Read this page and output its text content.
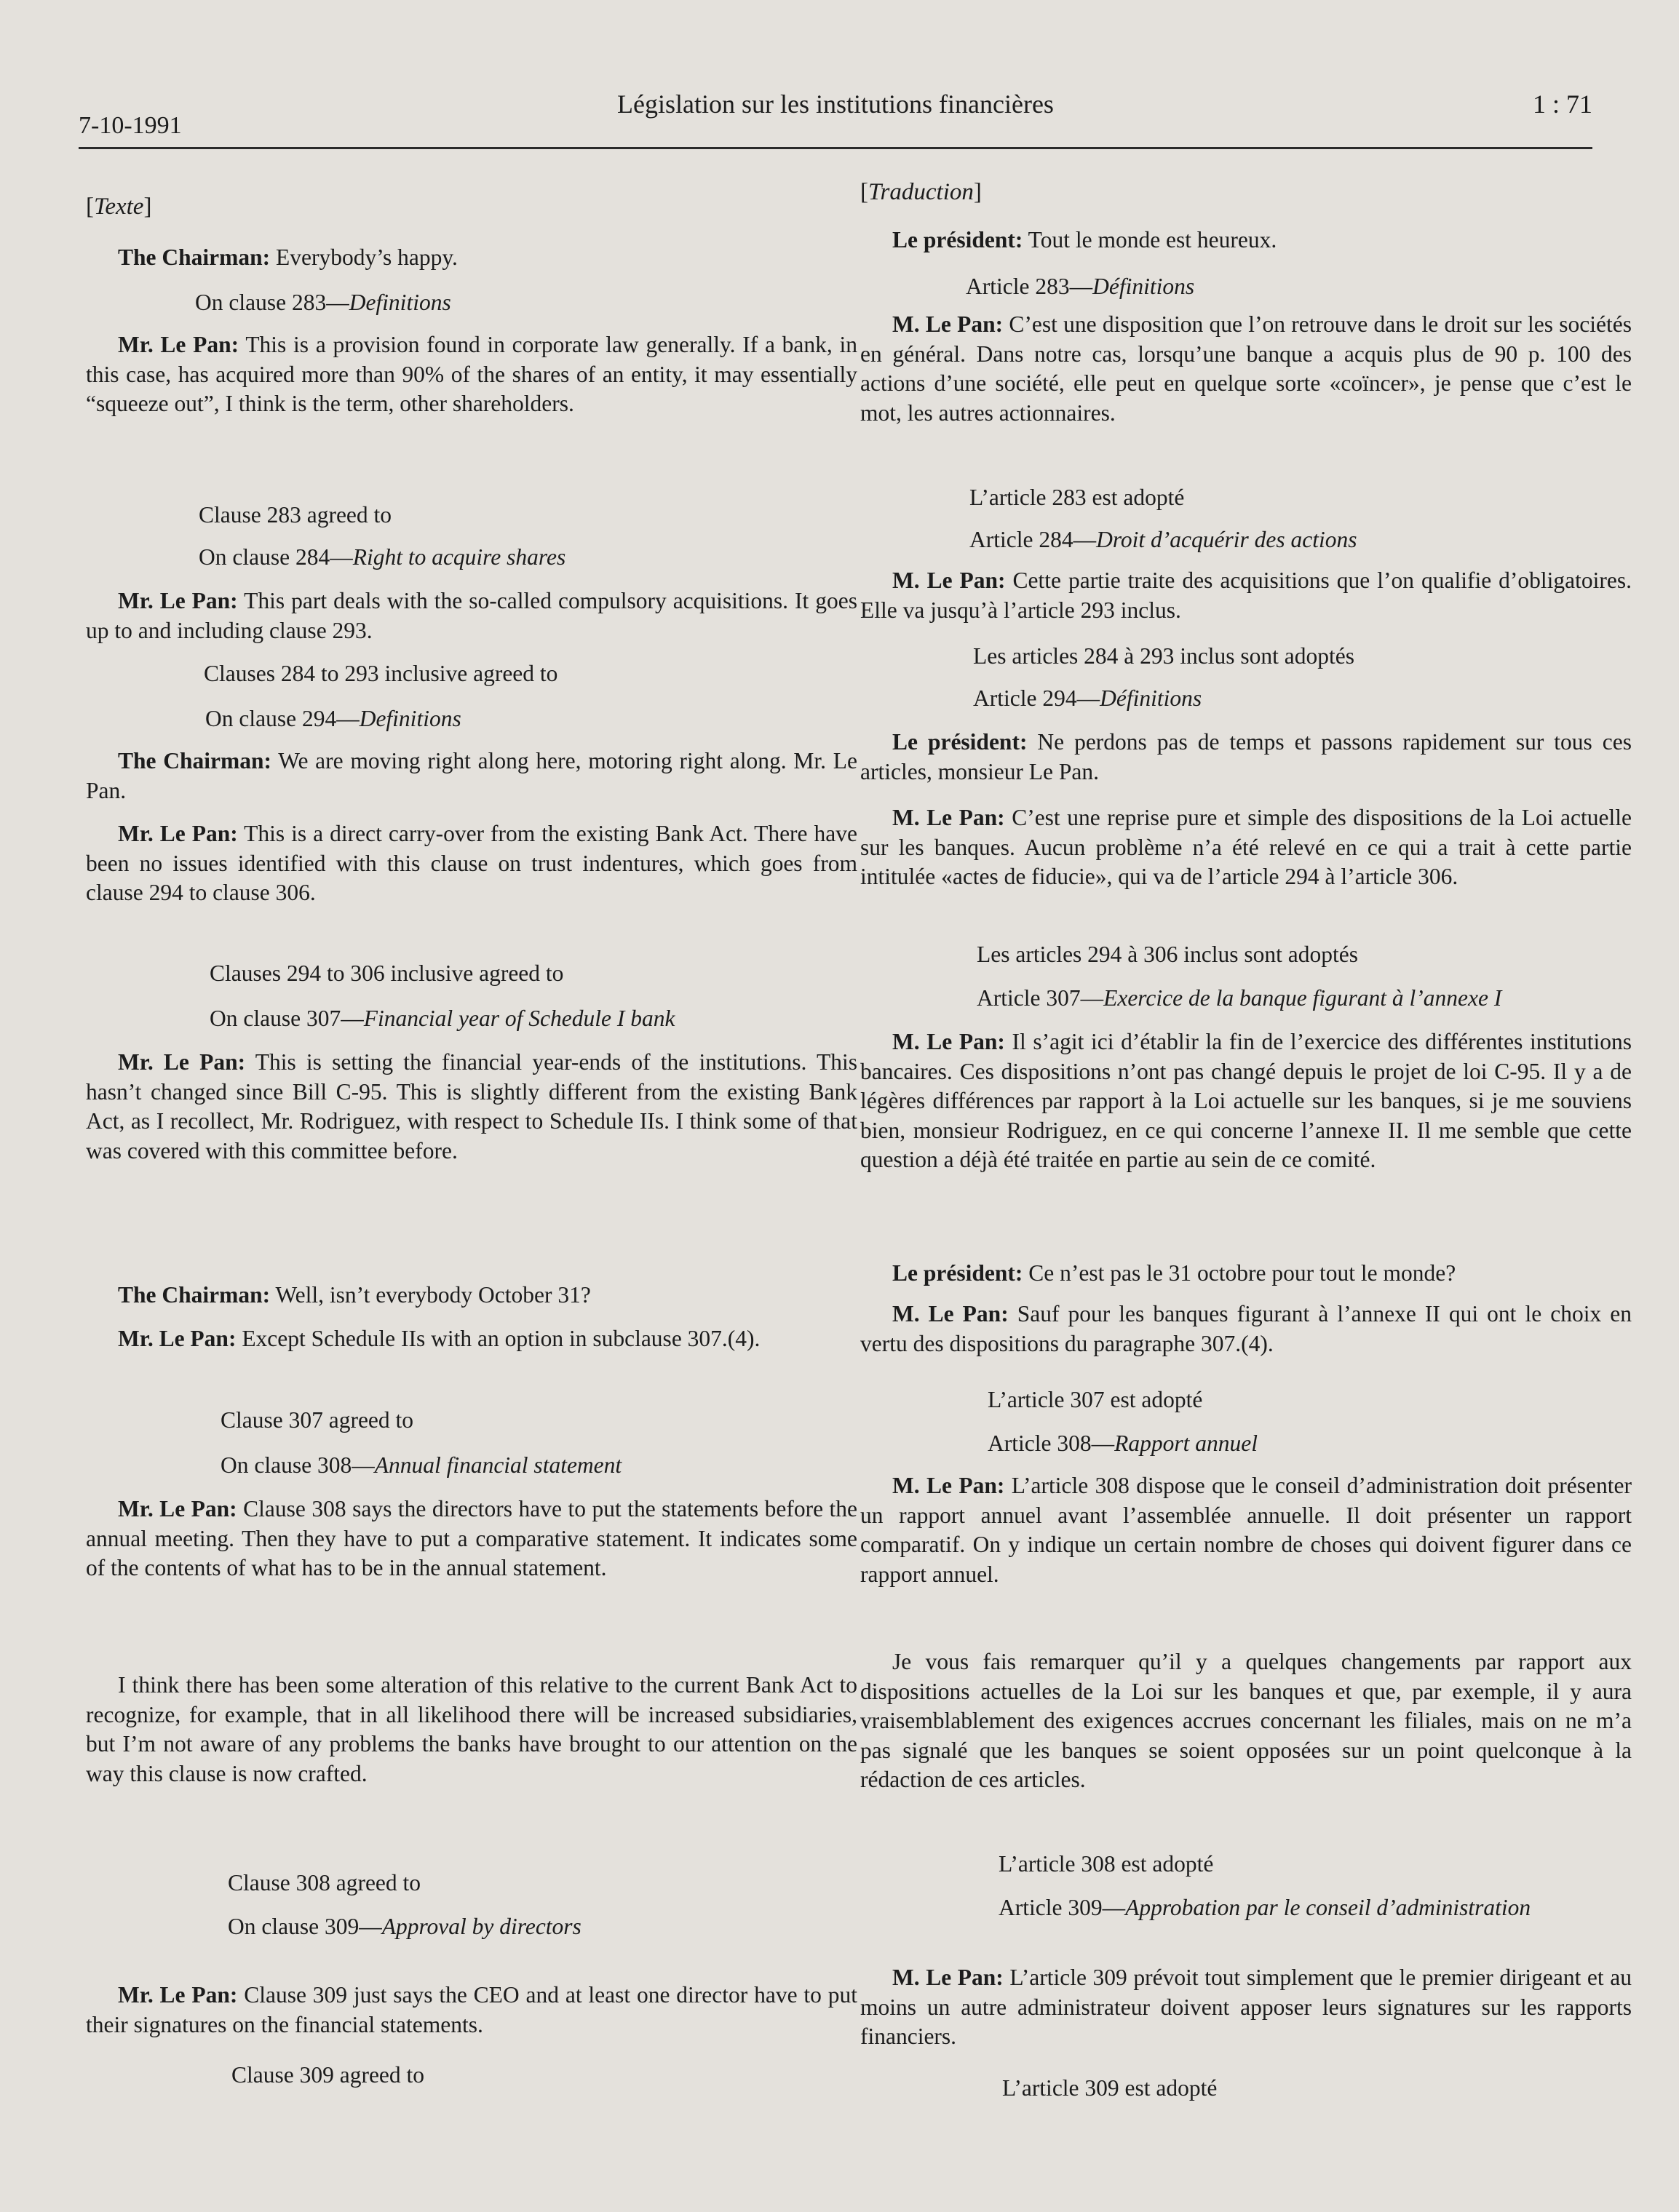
7-10-1991
Législation sur les institutions financières	1 : 71
[Texte]
The Chairman: Everybody’s happy.
On clause 283—Definitions
Mr. Le Pan: This is a provision found in corporate law generally. If a bank, in this case, has acquired more than 90% of the shares of an entity, it may essentially “squeeze out”, I think is the term, other shareholders.
Clause 283 agreed to
On clause 284—Right to acquire shares
Mr. Le Pan: This part deals with the so-called compulsory acquisitions. It goes up to and including clause 293.
Clauses 284 to 293 inclusive agreed to
On clause 294—Definitions
The Chairman: We are moving right along here, motoring right along. Mr. Le Pan.
Mr. Le Pan: This is a direct carry-over from the existing Bank Act. There have been no issues identified with this clause on trust indentures, which goes from clause 294 to clause 306.
Clauses 294 to 306 inclusive agreed to
On clause 307—Financial year of Schedule I bank
Mr. Le Pan: This is setting the financial year-ends of the institutions. This hasn’t changed since Bill C-95. This is slightly different from the existing Bank Act, as I recollect, Mr. Rodriguez, with respect to Schedule IIs. I think some of that was covered with this committee before.
The Chairman: Well, isn’t everybody October 31?
Mr. Le Pan: Except Schedule IIs with an option in subclause 307.(4).
Clause 307 agreed to
On clause 308—Annual financial statement
Mr. Le Pan: Clause 308 says the directors have to put the statements before the annual meeting. Then they have to put a comparative statement. It indicates some of the contents of what has to be in the annual statement.
I think there has been some alteration of this relative to the current Bank Act to recognize, for example, that in all likelihood there will be increased subsidiaries, but I’m not aware of any problems the banks have brought to our attention on the way this clause is now crafted.
Clause 308 agreed to
On clause 309—Approval by directors
Mr. Le Pan: Clause 309 just says the CEO and at least one director have to put their signatures on the financial statements.
Clause 309 agreed to
[Traduction]
Le président: Tout le monde est heureux.
Article 283—Définitions
M. Le Pan: C’est une disposition que l’on retrouve dans le droit sur les sociétés en général. Dans notre cas, lorsqu’une banque a acquis plus de 90 p. 100 des actions d’une société, elle peut en quelque sorte «coïncer», je pense que c’est le mot, les autres actionnaires.
L’article 283 est adopté
Article 284—Droit d’acquérir des actions
M. Le Pan: Cette partie traite des acquisitions que l’on qualifie d’obligatoires. Elle va jusqu’à l’article 293 inclus.
Les articles 284 à 293 inclus sont adoptés
Article 294—Définitions
Le président: Ne perdons pas de temps et passons rapidement sur tous ces articles, monsieur Le Pan.
M. Le Pan: C’est une reprise pure et simple des dispositions de la Loi actuelle sur les banques. Aucun problème n’a été relevé en ce qui a trait à cette partie intitulée «actes de fiducie», qui va de l’article 294 à l’article 306.
Les articles 294 à 306 inclus sont adoptés
Article 307—Exercice de la banque figurant à l’annexe I
M. Le Pan: Il s’agit ici d’établir la fin de l’exercice des différentes institutions bancaires. Ces dispositions n’ont pas changé depuis le projet de loi C-95. Il y a de légères différences par rapport à la Loi actuelle sur les banques, si je me souviens bien, monsieur Rodriguez, en ce qui concerne l’annexe II. Il me semble que cette question a déjà été traitée en partie au sein de ce comité.
Le président: Ce n’est pas le 31 octobre pour tout le monde?
M. Le Pan: Sauf pour les banques figurant à l’annexe II qui ont le choix en vertu des dispositions du paragraphe 307.(4).
L’article 307 est adopté
Article 308—Rapport annuel
M. Le Pan: L’article 308 dispose que le conseil d’administration doit présenter un rapport annuel avant l’assemblée annuelle. Il doit présenter un rapport comparatif. On y indique un certain nombre de choses qui doivent figurer dans ce rapport annuel.
Je vous fais remarquer qu’il y a quelques changements par rapport aux dispositions actuelles de la Loi sur les banques et que, par exemple, il y aura vraisemblablement des exigences accrues concernant les filiales, mais on ne m’a pas signalé que les banques se soient opposées sur un point quelconque à la rédaction de ces articles.
L’article 308 est adopté
Article 309—Approbation par le conseil d’administration
M. Le Pan: L’article 309 prévoit tout simplement que le premier dirigeant et au moins un autre administrateur doivent apposer leurs signatures sur les rapports financiers.
L’article 309 est adopté
